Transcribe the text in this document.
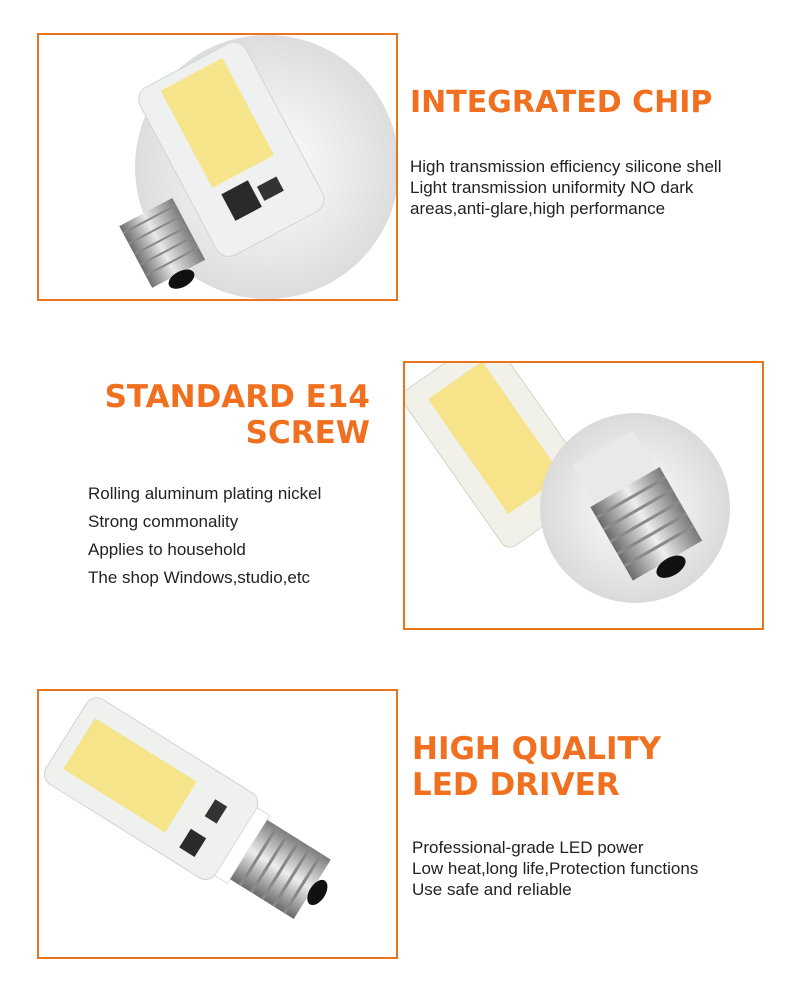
INTEGRATED CHIP
High transmission efficiency silicone shell
Light transmission uniformity NO dark
areas,anti-glare,high performance
STANDARD E14
SCREW
Rolling aluminum plating nickel
Strong commonality
Applies to household
The shop Windows,studio,etc
HIGH QUALITY
LED DRIVER
Professional-grade LED power
Low heat,long life,Protection functions
Use safe and reliable
